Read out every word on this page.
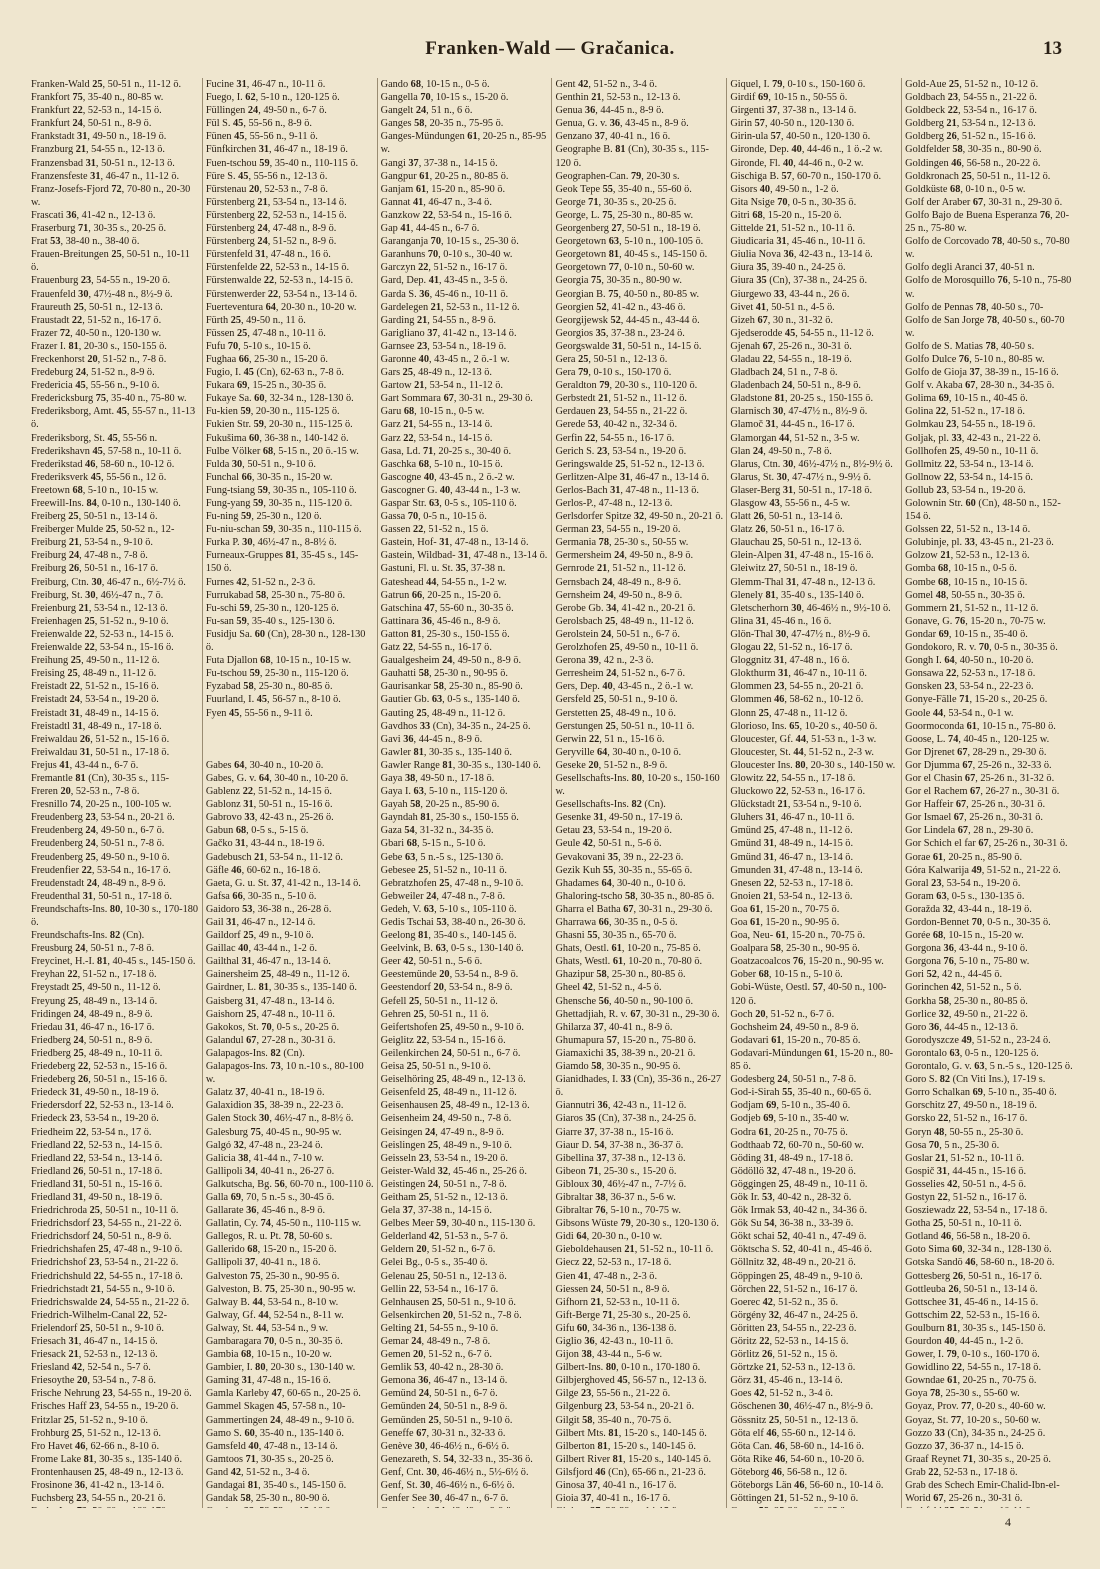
Franken-Wald — Gračanica.	13
Franken-Wald 25, 50-51 n., 11-12 ö.
Frankfort 75, 35-40 n., 80-85 w.
Frankfurt 22, 52-53 n., 14-15 ö.
Frankfurt 24, 50-51 n., 8-9 ö.
Frankstadt 31, 49-50 n., 18-19 ö.
Franzburg 21, 54-55 n., 12-13 ö.
Franzensbad 31, 50-51 n., 12-13 ö.
Franzensfeste 31, 46-47 n., 11-12 ö.
Franz-Josefs-Fjord 72, 70-80 n., 20-30 w.
Frascati 36, 41-42 n., 12-13 ö.
Fraserburg 71, 30-35 s., 20-25 ö.
Frat 53, 38-40 n., 38-40 ö.
Frauen-Breitungen 25, 50-51 n., 10-11 ö.
Frauenburg 23, 54-55 n., 19-20 ö.
Frauenfeld 30, 47½-48 n., 8½-9 ö.
Fraureuth 25, 50-51 n., 12-13 ö.
Fraustadt 22, 51-52 n., 16-17 ö.
Frazer 72, 40-50 n., 120-130 w.
Frazer I. 81, 20-30 s., 150-155 ö.
Freckenhorst 20, 51-52 n., 7-8 ö.
Fredeburg 24, 51-52 n., 8-9 ö.
Fredericia 45, 55-56 n., 9-10 ö.
Fredericksburg 75, 35-40 n., 75-80 w.
Frederiksborg, Amt. 45, 55-57 n., 11-13 ö.
Frederiksborg, St. 45, 55-56 n.
Frederikshavn 45, 57-58 n., 10-11 ö.
Frederikstad 46, 58-60 n., 10-12 ö.
Frederiksverk 45, 55-56 n., 12 ö.
Freetown 68, 5-10 n., 10-15 w.
Freewill-Ins. 84, 0-10 n., 130-140 ö.
Freiberg 25, 50-51 n., 13-14 ö.
Freiberger Mulde 25, 50-52 n., 12-
Freiburg 21, 53-54 n., 9-10 ö.
Freiburg 24, 47-48 n., 7-8 ö.
Freiburg 26, 50-51 n., 16-17 ö.
Freiburg, Ctn. 30, 46-47 n., 6½-7½ ö.
Freiburg, St. 30, 46½-47 n., 7 ö.
Freienburg 21, 53-54 n., 12-13 ö.
Freienhagen 25, 51-52 n., 9-10 ö.
Freienwalde 22, 52-53 n., 14-15 ö.
Freienwalde 22, 53-54 n., 15-16 ö.
Freihung 25, 49-50 n., 11-12 ö.
Freising 25, 48-49 n., 11-12 ö.
Freistadt 22, 51-52 n., 15-16 ö.
Freistadt 24, 53-54 n., 19-20 ö.
Freistadt 31, 48-49 n., 14-15 ö.
Freistadtl 31, 48-49 n., 17-18 ö.
Freiwaldau 26, 51-52 n., 15-16 ö.
Freiwaldau 31, 50-51 n., 17-18 ö.
Frejus 41, 43-44 n., 6-7 ö.
Fremantle 81 (Cn), 30-35 s., 115-
Freren 20, 52-53 n., 7-8 ö.
Fresnillo 74, 20-25 n., 100-105 w.
Freudenberg 23, 53-54 n., 20-21 ö.
Freudenberg 24, 49-50 n., 6-7 ö.
Freudenberg 24, 50-51 n., 7-8 ö.
Freudenberg 25, 49-50 n., 9-10 ö.
Freudenfier 22, 53-54 n., 16-17 ö.
Freudenstadt 24, 48-49 n., 8-9 ö.
Freudenthal 31, 50-51 n., 17-18 ö.
Freundschafts-Ins. 80, 10-30 s., 170-180 ö.
Freundschafts-Ins. 82 (Cn).
Freusburg 24, 50-51 n., 7-8 ö.
Freycinet, H.-I. 81, 40-45 s., 145-150 ö.
Freyhan 22, 51-52 n., 17-18 ö.
Freystadt 25, 49-50 n., 11-12 ö.
Freyung 25, 48-49 n., 13-14 ö.
Fridingen 24, 48-49 n., 8-9 ö.
Friedau 31, 46-47 n., 16-17 ö.
Friedberg 24, 50-51 n., 8-9 ö.
Friedberg 25, 48-49 n., 10-11 ö.
Friedeberg 22, 52-53 n., 15-16 ö.
Friedeberg 26, 50-51 n., 15-16 ö.
Friedeck 31, 49-50 n., 18-19 ö.
Friedersdorf 22, 52-53 n., 13-14 ö.
Friedeck 23, 53-54 n., 19-20 ö.
Friedheim 22, 53-54 n., 17 ö.
Friedland 22, 52-53 n., 14-15 ö.
Friedland 22, 53-54 n., 13-14 ö.
Friedland 26, 50-51 n., 17-18 ö.
Friedland 31, 50-51 n., 15-16 ö.
Friedland 31, 49-50 n., 18-19 ö.
Friedrichroda 25, 50-51 n., 10-11 ö.
Friedrichsdorf 23, 54-55 n., 21-22 ö.
Friedrichsdorf 24, 50-51 n., 8-9 ö.
Friedrichshafen 25, 47-48 n., 9-10 ö.
Friedrichshof 23, 53-54 n., 21-22 ö.
Friedrichshuld 22, 54-55 n., 17-18 ö.
Friedrichstadt 21, 54-55 n., 9-10 ö.
Friedrichswalde 24, 54-55 n., 21-22 ö.
Friedrich-Wilhelm-Canal 22, 52-
Frielendorf 25, 50-51 n., 9-10 ö.
Friesach 31, 46-47 n., 14-15 ö.
Friesack 21, 52-53 n., 12-13 ö.
Friesland 42, 52-54 n., 5-7 ö.
Friesoythe 20, 53-54 n., 7-8 ö.
Frische Nehrung 23, 54-55 n., 19-20 ö.
Frisches Haff 23, 54-55 n., 19-20 ö.
Fritzlar 25, 51-52 n., 9-10 ö.
Frohburg 25, 51-52 n., 12-13 ö.
Fro Havet 46, 62-66 n., 8-10 ö.
Frome Lake 81, 30-35 s., 135-140 ö.
Frontenhausen 25, 48-49 n., 12-13 ö.
Frosinone 36, 41-42 n., 13-14 ö.
Fuchsberg 23, 54-55 n., 20-21 ö.
Fucine 31, 46-47 n., 10-11 ö.
Fuego, I. 62, 5-10 n., 120-125 ö.
Füllingen 24, 49-50 n., 6-7 ö.
Fül S. 45, 55-56 n., 8-9 ö.
Fünen 45, 55-56 n., 9-11 ö.
Fünfkirchen 31, 46-47 n., 18-19 ö.
Fuen-tschou 59, 35-40 n., 110-115 ö.
Füre S. 45, 55-56 n., 12-13 ö.
Fürstenau 20, 52-53 n., 7-8 ö.
Fürstenberg 21, 53-54 n., 13-14 ö.
Fürstenberg 22, 52-53 n., 14-15 ö.
Fürstenberg 24, 47-48 n., 8-9 ö.
Fürstenberg 24, 51-52 n., 8-9 ö.
Fürstenfeld 31, 47-48 n., 16 ö.
Fürstenfelde 22, 52-53 n., 14-15 ö.
Fürstenwalde 22, 52-53 n., 14-15 ö.
Fürstenwerder 22, 53-54 n., 13-14 ö.
Fuerteventura 64, 20-30 n., 10-20 w.
Fürth 25, 49-50 n., 11 ö.
Füssen 25, 47-48 n., 10-11 ö.
Fufu 70, 5-10 s., 10-15 ö.
Fughaa 66, 25-30 n., 15-20 ö.
Fugio, I. 45 (Cn), 62-63 n., 7-8 ö.
Fukara 69, 15-25 n., 30-35 ö.
Fukaye Sa. 60, 32-34 n., 128-130 ö.
Fu-kien 59, 20-30 n., 115-125 ö.
Fukien Str. 59, 20-30 n., 115-125 ö.
Fukušima 60, 36-38 n., 140-142 ö.
Fulbe Völker 68, 5-15 n., 20 ö.-15 w.
Fulda 30, 50-51 n., 9-10 ö.
Funchal 66, 30-35 n., 15-20 w.
Fung-tsiang 59, 30-35 n., 105-110 ö.
Fung-yang 59, 30-35 n., 115-120 ö.
Fu-ning 59, 25-30 n., 120 ö.
Fu-niu-schan 59, 30-35 n., 110-115 ö.
Furka P. 30, 46½-47 n., 8-8½ ö.
Furneaux-Gruppes 81, 35-45 s., 145-150 ö.
Furnes 42, 51-52 n., 2-3 ö.
Furrukabad 58, 25-30 n., 75-80 ö.
Fu-schi 59, 25-30 n., 120-125 ö.
Fu-san 59, 35-40 s., 125-130 ö.
Fusidju Sa. 60 (Cn), 28-30 n., 128-130 ö.
Futa Djallon 68, 10-15 n., 10-15 w.
Fu-tschou 59, 25-30 n., 115-120 ö.
Fyzabad 58, 25-30 n., 80-85 ö.
Fuurland, I. 45, 56-57 n., 8-10 ö.
Fyen 45, 55-56 n., 9-11 ö.

Gabes 64, 30-40 n., 10-20 ö.
Gabes, G. v. 64, 30-40 n., 10-20 ö.
Gablenz 22, 51-52 n., 14-15 ö.
Gablonz 31, 50-51 n., 15-16 ö.
Gabrovo 33, 42-43 n., 25-26 ö.
Gabun 68, 0-5 s., 5-15 ö.
Gačko 31, 43-44 n., 18-19 ö.
Gadebusch 21, 53-54 n., 11-12 ö.
Gäfle 46, 60-62 n., 16-18 ö.
Gaeta, G. u. St. 37, 41-42 n., 13-14 ö.
Gafsa 66, 30-35 n., 5-10 ö.
Gaidoro 53, 36-38 n., 26-28 ö.
Gail 31, 46-47 n., 12-14 ö.
Gaildorf 25, 49 n., 9-10 ö.
Gaillac 40, 43-44 n., 1-2 ö.
Gailthal 31, 46-47 n., 13-14 ö.
Gainersheim 25, 48-49 n., 11-12 ö.
Gairdner, L. 81, 30-35 s., 135-140 ö.
Gaisberg 31, 47-48 n., 13-14 ö.
Gaishorn 25, 47-48 n., 10-11 ö.
Gakokos, St. 70, 0-5 s., 20-25 ö.
Galandul 67, 27-28 n., 30-31 ö.
Galapagos-Ins. 82 (Cn).
Galapagos-Ins. 73, 10 n.-10 s., 80-100 w.
Galatz 37, 40-41 n., 18-19 ö.
Galaxidion 35, 38-39 n., 22-23 ö.
Galen Stock 30, 46½-47 n., 8-8½ ö.
Galesburg 75, 40-45 n., 90-95 w.
Galgó 32, 47-48 n., 23-24 ö.
Galicia 38, 41-44 n., 7-10 w.
Gallipoli 34, 40-41 n., 26-27 ö.
Galkutscha, Bg. 56, 60-70 n., 100-110 ö.
Galla 69, 70, 5 n.-5 s., 30-45 ö.
Gallarate 36, 45-46 n., 8-9 ö.
Gallatin, Cy. 74, 45-50 n., 110-115 w.
Gallegos, R. u. Pt. 78, 50-60 s.
Gallerido 68, 15-20 n., 15-20 ö.
Gallipoli 37, 40-41 n., 18 ö.
Galveston 75, 25-30 n., 90-95 ö.
Galveston, B. 75, 25-30 n., 90-95 w.
Galway B. 44, 53-54 n., 8-10 w.
Galway, Gf. 44, 52-54 n., 8-11 w.
Galway, St. 44, 53-54 n., 9 w.
Gambaragara 70, 0-5 n., 30-35 ö.
Gambia 68, 10-15 n., 10-20 w.
Gambier, I. 80, 20-30 s., 130-140 w.
Gaming 31, 47-48 n., 15-16 ö.
Gamla Karleby 47, 60-65 n., 20-25 ö.
Gammel Skagen 45, 57-58 n., 10-
Gammertingen 24, 48-49 n., 9-10 ö.
Gamo S. 60, 35-40 n., 135-140 ö.
Gamsfeld 40, 47-48 n., 13-14 ö.
Gamtoos 71, 30-35 s., 20-25 ö.
Gand 42, 51-52 n., 3-4 ö.
Gandagai 81, 35-40 s., 145-150 ö.
Gandak 58, 25-30 n., 80-90 ö.
Gando 68, 10-15 n., 0-5 ö.
Gangella 70, 10-15 s., 15-20 ö.
Gangelt 24, 51 n., 6 ö.
Ganges 58, 20-35 n., 75-95 ö.
Ganges-Mündungen 61, 20-25 n., 85-95 w.
Gangi 37, 37-38 n., 14-15 ö.
Gangpur 61, 20-25 n., 80-85 ö.
Ganjam 61, 15-20 n., 85-90 ö.
Gannat 41, 46-47 n., 3-4 ö.
Ganzkow 22, 53-54 n., 15-16 ö.
Gap 41, 44-45 n., 6-7 ö.
Garanganja 70, 10-15 s., 25-30 ö.
Garanhuns 70, 0-10 s., 30-40 w.
Garczyn 22, 51-52 n., 16-17 ö.
Gard, Dep. 41, 43-45 n., 3-5 ö.
Garda S. 36, 45-46 n., 10-11 ö.
Gardelegen 21, 52-53 n., 11-12 ö.
Garding 21, 54-55 n., 8-9 ö.
Garigliano 37, 41-42 n., 13-14 ö.
Garnsee 23, 53-54 n., 18-19 ö.
Garonne 40, 43-45 n., 2 ö.-1 w.
Gars 25, 48-49 n., 12-13 ö.
Gartow 21, 53-54 n., 11-12 ö.
Gart Sommara 67, 30-31 n., 29-30 ö.
Garu 68, 10-15 n., 0-5 w.
Garz 21, 54-55 n., 13-14 ö.
Garz 22, 53-54 n., 14-15 ö.
Gasa, Ld. 71, 20-25 s., 30-40 ö.
Gaschka 68, 5-10 n., 10-15 ö.
Gascogne 40, 43-45 n., 2 ö.-2 w.
Gascogner G. 40, 43-44 n., 1-3 w.
Gaspar Str. 63, 0-5 s., 105-110 ö.
Gassa 70, 0-5 n., 10-15 ö.
Gassen 22, 51-52 n., 15 ö.
Gastein, Hof- 31, 47-48 n., 13-14 ö.
Gastein, Wildbad- 31, 47-48 n., 13-14 ö.
Gastuni, Fl. u. St. 35, 37-38 n.
Gateshead 44, 54-55 n., 1-2 w.
Gatrun 66, 20-25 n., 15-20 ö.
Gatschina 47, 55-60 n., 30-35 ö.
Gattinara 36, 45-46 n., 8-9 ö.
Gatton 81, 25-30 s., 150-155 ö.
Gatz 22, 54-55 n., 16-17 ö.
Gaualgesheim 24, 49-50 n., 8-9 ö.
Gauhatti 58, 25-30 n., 90-95 ö.
Gaurisankar 58, 25-30 n., 85-90 ö.
Gautier Gb. 63, 0-5 s., 135-140 ö.
Gauting 25, 48-49 n., 11-12 ö.
Gavdhos 33 (Cn), 34-35 n., 24-25 ö.
Gavi 36, 44-45 n., 8-9 ö.
Gawler 81, 30-35 s., 135-140 ö.
Gawler Range 81, 30-35 s., 130-140 ö.
Gaya 38, 49-50 n., 17-18 ö.
Gaya I. 63, 5-10 n., 115-120 ö.
Gayah 58, 20-25 n., 85-90 ö.
Gayndah 81, 25-30 s., 150-155 ö.
Gaza 54, 31-32 n., 34-35 ö.
Gbari 68, 5-15 n., 5-10 ö.
Gebe 63, 5 n.-5 s., 125-130 ö.
Gebesee 25, 51-52 n., 10-11 ö.
Gebratzhofen 25, 47-48 n., 9-10 ö.
Gebweiler 24, 47-48 n., 7-8 ö.
Gedeh, V. 63, 5-10 s., 105-110 ö.
Gedis Tschai 53, 38-40 n., 26-30 ö.
Geelong 81, 35-40 s., 140-145 ö.
Geelvink, B. 63, 0-5 s., 130-140 ö.
Geer 42, 50-51 n., 5-6 ö.
Geestemünde 20, 53-54 n., 8-9 ö.
Geestendorf 20, 53-54 n., 8-9 ö.
Gefell 25, 50-51 n., 11-12 ö.
Gehren 25, 50-51 n., 11 ö.
Geifertshofen 25, 49-50 n., 9-10 ö.
Geiglitz 22, 53-54 n., 15-16 ö.
Geilenkirchen 24, 50-51 n., 6-7 ö.
Geisa 25, 50-51 n., 9-10 ö.
Geiselhöring 25, 48-49 n., 12-13 ö.
Geisenfeld 25, 48-49 n., 11-12 ö.
Geisenhausen 25, 48-49 n., 12-13 ö.
Geisenheim 24, 49-50 n., 7-8 ö.
Geisingen 24, 47-49 n., 8-9 ö.
Geislingen 25, 48-49 n., 9-10 ö.
Geisseln 23, 53-54 n., 19-20 ö.
Geister-Wald 32, 45-46 n., 25-26 ö.
Geistingen 24, 50-51 n., 7-8 ö.
Geitham 25, 51-52 n., 12-13 ö.
Gela 37, 37-38 n., 14-15 ö.
Gelbes Meer 59, 30-40 n., 115-130 ö.
Gelderland 42, 51-53 n., 5-7 ö.
Geldern 20, 51-52 n., 6-7 ö.
Gelei Bg., 0-5 s., 35-40 ö.
Gelenau 25, 50-51 n., 12-13 ö.
Gellin 22, 53-54 n., 16-17 ö.
Gelnhausen 25, 50-51 n., 9-10 ö.
Gelsenkirchen 20, 51-52 n., 7-8 ö.
Gelting 21, 54-55 n., 9-10 ö.
Gemar 24, 48-49 n., 7-8 ö.
Gemen 20, 51-52 n., 6-7 ö.
Gemlik 53, 40-42 n., 28-30 ö.
Gemona 36, 46-47 n., 13-14 ö.
Gemünd 24, 50-51 n., 6-7 ö.
Gemünden 24, 50-51 n., 8-9 ö.
Gemünden 25, 50-51 n., 9-10 ö.
Geneffe 67, 30-31 n., 32-33 ö.
Genève 30, 46-46½ n., 6-6½ ö.
Genezareth, S. 54, 32-33 n., 35-36 ö.
Genf, Cnt. 30, 46-46½ n., 5½-6½ ö.
Genf, St. 30, 46-46½ n., 6-6½ ö.
Genfer See 30, 46-47 n., 6-7 ö.
Gent 42, 51-52 n., 3-4 ö.
Genthin 21, 52-53 n., 12-13 ö.
Genua 36, 44-45 n., 8-9 ö.
Genua, G. v. 36, 43-45 n., 8-9 ö.
Genzano 37, 40-41 n., 16 ö.
Geographe B. 81 (Cn), 30-35 s., 115-120 ö.
Geographen-Can. 79, 20-30 s.
Geok Tepe 55, 35-40 n., 55-60 ö.
George 71, 30-35 s., 20-25 ö.
George, L. 75, 25-30 n., 80-85 w.
Georgenberg 27, 50-51 n., 18-19 ö.
Georgetown 63, 5-10 n., 100-105 ö.
Georgetown 81, 40-45 s., 145-150 ö.
Georgetown 77, 0-10 n., 50-60 w.
Georgia 75, 30-35 n., 80-90 w.
Georgian B. 75, 40-50 n., 80-85 w.
Georgien 52, 41-42 n., 43-46 ö.
Georgijewsk 52, 44-45 n., 43-44 ö.
Georgios 35, 37-38 n., 23-24 ö.
Georgswalde 31, 50-51 n., 14-15 ö.
Gera 25, 50-51 n., 12-13 ö.
Gera 79, 0-10 s., 150-170 ö.
Geraldton 79, 20-30 s., 110-120 ö.
Gerbstedt 21, 51-52 n., 11-12 ö.
Gerdauen 23, 54-55 n., 21-22 ö.
Gerede 53, 40-42 n., 32-34 ö.
Gerfin 22, 54-55 n., 16-17 ö.
Gerich S. 23, 53-54 n., 19-20 ö.
Geringswalde 25, 51-52 n., 12-13 ö.
Gerlitzen-Alpe 31, 46-47 n., 13-14 ö.
Gerlos-Bach 31, 47-48 n., 11-13 ö.
Gerlos-P., 47-48 n., 12-13 ö.
Gerlsdorfer Spitze 32, 49-50 n., 20-21 ö.
German 23, 54-55 n., 19-20 ö.
Germania 78, 25-30 s., 50-55 w.
Germersheim 24, 49-50 n., 8-9 ö.
Gernrode 21, 51-52 n., 11-12 ö.
Gernsbach 24, 48-49 n., 8-9 ö.
Gernsheim 24, 49-50 n., 8-9 ö.
Gerobe Gb. 34, 41-42 n., 20-21 ö.
Gerolsbach 25, 48-49 n., 11-12 ö.
Gerolstein 24, 50-51 n., 6-7 ö.
Gerolzhofen 25, 49-50 n., 10-11 ö.
Gerona 39, 42 n., 2-3 ö.
Gerresheim 24, 51-52 n., 6-7 ö.
Gers, Dep. 40, 43-45 n., 2 ö.-1 w.
Gersfeld 25, 50-51 n., 9-10 ö.
Gerstetten 25, 48-49 n., 10 ö.
Gerstungen 25, 50-51 n., 10-11 ö.
Gerwin 22, 51 n., 15-16 ö.
Geryville 64, 30-40 n., 0-10 ö.
Geseke 20, 51-52 n., 8-9 ö.
Gesellschafts-Ins. 80, 10-20 s., 150-160 w.
Gesellschafts-Ins. 82 (Cn).
Gesenke 31, 49-50 n., 17-19 ö.
Getau 23, 53-54 n., 19-20 ö.
Geule 42, 50-51 n., 5-6 ö.
Gevakovani 35, 39 n., 22-23 ö.
Gezik Kuh 55, 30-35 n., 55-65 ö.
Ghadames 64, 30-40 n., 0-10 ö.
Ghaloring-tscho 58, 30-35 n., 80-85 ö.
Gharra el Batha 67, 30-31 n., 29-30 ö.
Gharrawa 66, 30-35 n., 0-5 ö.
Ghasni 55, 30-35 n., 65-70 ö.
Ghats, Oestl. 61, 10-20 n., 75-85 ö.
Ghats, Westl. 61, 10-20 n., 70-80 ö.
Ghazipur 58, 25-30 n., 80-85 ö.
Gheel 42, 51-52 n., 4-5 ö.
Ghensche 56, 40-50 n., 90-100 ö.
Ghettadjiah, R. v. 67, 30-31 n., 29-30 ö.
Ghilarza 37, 40-41 n., 8-9 ö.
Ghumapura 57, 15-20 n., 75-80 ö.
Giamaxichi 35, 38-39 n., 20-21 ö.
Giamdo 58, 30-35 n., 90-95 ö.
Gianidhades, I. 33 (Cn), 35-36 n., 26-27 ö.
Giannutri 36, 42-43 n., 11-12 ö.
Giaros 35 (Cn), 37-38 n., 24-25 ö.
Giarre 37, 37-38 n., 15-16 ö.
Giaur D. 54, 37-38 n., 36-37 ö.
Gibellina 37, 37-38 n., 12-13 ö.
Gibeon 71, 25-30 s., 15-20 ö.
Gibloux 30, 46½-47 n., 7-7½ ö.
Gibraltar 38, 36-37 n., 5-6 w.
Gibraltar 76, 5-10 n., 70-75 w.
Gibsons Wüste 79, 20-30 s., 120-130 ö.
Gidi 64, 20-30 n., 0-10 w.
Gieboldehausen 21, 51-52 n., 10-11 ö.
Giecz 22, 52-53 n., 17-18 ö.
Gien 41, 47-48 n., 2-3 ö.
Giessen 24, 50-51 n., 8-9 ö.
Gifhorn 21, 52-53 n., 10-11 ö.
Gift-Berge 71, 25-30 s., 20-25 ö.
Gifu 60, 34-36 n., 136-138 ö.
Giglio 36, 42-43 n., 10-11 ö.
Gijon 38, 43-44 n., 5-6 w.
Gilbert-Ins. 80, 0-10 n., 170-180 ö.
Gilbjerghoved 45, 56-57 n., 12-13 ö.
Gilge 23, 55-56 n., 21-22 ö.
Gilgenburg 23, 53-54 n., 20-21 ö.
Gilgit 58, 35-40 n., 70-75 ö.
Gilbert Mts. 81, 15-20 s., 140-145 ö.
Gilberton 81, 15-20 s., 140-145 ö.
Gilbert River 81, 15-20 s., 140-145 ö.
Gilsfjord 46 (Cn), 65-66 n., 21-23 ö.
Ginosa 37, 40-41 n., 16-17 ö.
Gioia 37, 40-41 n., 16-17 ö.
Giquel, I. 79, 0-10 s., 150-160 ö.
Girdif 69, 10-15 n., 50-55 ö.
Girgenti 37, 37-38 n., 13-14 ö.
Girin 57, 40-50 n., 120-130 ö.
Girin-ula 57, 40-50 n., 120-130 ö.
Gironde, Dep. 40, 44-46 n., 1 ö.-2 w.
Gironde, Fl. 40, 44-46 n., 0-2 w.
Gischiga B. 57, 60-70 n., 150-170 ö.
Gisors 40, 49-50 n., 1-2 ö.
Gita Nsige 70, 0-5 n., 30-35 ö.
Gitri 68, 15-20 n., 15-20 ö.
Gittelde 21, 51-52 n., 10-11 ö.
Giudicaria 31, 45-46 n., 10-11 ö.
Giulia Nova 36, 42-43 n., 13-14 ö.
Giura 35, 39-40 n., 24-25 ö.
Giura 35 (Cn), 37-38 n., 24-25 ö.
Giurgewo 33, 43-44 n., 26 ö.
Givet 41, 50-51 n., 4-5 ö.
Gizeh 67, 30 n., 31-32 ö.
Gjedserodde 45, 54-55 n., 11-12 ö.
Gjenah 67, 25-26 n., 30-31 ö.
Gladau 22, 54-55 n., 18-19 ö.
Gladbach 24, 51 n., 7-8 ö.
Gladenbach 24, 50-51 n., 8-9 ö.
Gladstone 81, 20-25 s., 150-155 ö.
Glarnisch 30, 47-47½ n., 8½-9 ö.
Glamoč 31, 44-45 n., 16-17 ö.
Glamorgan 44, 51-52 n., 3-5 w.
Glan 24, 49-50 n., 7-8 ö.
Glarus, Ctn. 30, 46½-47½ n., 8½-9½ ö.
Glarus, St. 30, 47-47½ n., 9-9½ ö.
Glaser-Berg 31, 50-51 n., 17-18 ö.
Glasgow 43, 55-56 n., 4-5 w.
Glatt 26, 50-51 n., 13-14 ö.
Glatz 26, 50-51 n., 16-17 ö.
Glauchau 25, 50-51 n., 12-13 ö.
Glein-Alpen 31, 47-48 n., 15-16 ö.
Gleiwitz 27, 50-51 n., 18-19 ö.
Glemm-Thal 31, 47-48 n., 12-13 ö.
Glenely 81, 35-40 s., 135-140 ö.
Gletscherhorn 30, 46-46½ n., 9½-10 ö.
Glina 31, 45-46 n., 16 ö.
Glön-Thal 30, 47-47½ n., 8½-9 ö.
Glogau 22, 51-52 n., 16-17 ö.
Gloggnitz 31, 47-48 n., 16 ö.
Glokthurm 31, 46-47 n., 10-11 ö.
Glommen 23, 54-55 n., 20-21 ö.
Glommen 46, 58-62 n., 10-12 ö.
Glonn 25, 47-48 n., 11-12 ö.
Glorioso, Ins. 65, 10-20 s., 40-50 ö.
Gloucester, Gf. 44, 51-53 n., 1-3 w.
Gloucester, St. 44, 51-52 n., 2-3 w.
Gloucester Ins. 80, 20-30 s., 140-150 w.
Glowitz 22, 54-55 n., 17-18 ö.
Gluckowo 22, 52-53 n., 16-17 ö.
Glückstadt 21, 53-54 n., 9-10 ö.
Gluhers 31, 46-47 n., 10-11 ö.
Gmünd 25, 47-48 n., 11-12 ö.
Gmünd 31, 48-49 n., 14-15 ö.
Gmünd 31, 46-47 n., 13-14 ö.
Gmunden 31, 47-48 n., 13-14 ö.
Gnesen 22, 52-53 n., 17-18 ö.
Gnoien 21, 53-54 n., 12-13 ö.
Goa 61, 15-20 n., 70-75 ö.
Goa 61, 15-20 n., 90-95 ö.
Goa, Neu- 61, 15-20 n., 70-75 ö.
Goalpara 58, 25-30 n., 90-95 ö.
Goatzacoalcos 76, 15-20 n., 90-95 w.
Gober 68, 10-15 n., 5-10 ö.
Gobi-Wüste, Oestl. 57, 40-50 n., 100-120 ö.
Goch 20, 51-52 n., 6-7 ö.
Gochsheim 24, 49-50 n., 8-9 ö.
Godavari 61, 15-20 n., 70-85 ö.
Godavari-Mündungen 61, 15-20 n., 80-85 ö.
Godesberg 24, 50-51 n., 7-8 ö.
God-i-Sirah 55, 35-40 n., 60-65 ö.
Godjam 69, 5-10 n., 35-40 ö.
Godjeb 69, 5-10 n., 35-40 w.
Godra 61, 20-25 n., 70-75 ö.
Godthaab 72, 60-70 n., 50-60 w.
Göding 31, 48-49 n., 17-18 ö.
Gödöllö 32, 47-48 n., 19-20 ö.
Göggingen 25, 48-49 n., 10-11 ö.
Gök Ir. 53, 40-42 n., 28-32 ö.
Gök Irmak 53, 40-42 n., 34-36 ö.
Gök Su 54, 36-38 n., 33-39 ö.
Gökt schai 52, 40-41 n., 47-49 ö.
Göktscha S. 52, 40-41 n., 45-46 ö.
Göllnitz 32, 48-49 n., 20-21 ö.
Göppingen 25, 48-49 n., 9-10 ö.
Görchen 22, 51-52 n., 16-17 ö.
Goerec 42, 51-52 n., 35 ö.
Görgény 32, 46-47 n., 24-25 ö.
Göritten 23, 54-55 n., 22-23 ö.
Göritz 22, 52-53 n., 14-15 ö.
Görlitz 26, 51-52 n., 15 ö.
Görtzke 21, 52-53 n., 12-13 ö.
Görz 31, 45-46 n., 13-14 ö.
Goes 42, 51-52 n., 3-4 ö.
Göschenen 30, 46½-47 n., 8½-9 ö.
Gössnitz 25, 50-51 n., 12-13 ö.
Göta elf 46, 55-60 n., 12-14 ö.
Göta Can. 46, 58-60 n., 14-16 ö.
Göta Rike 46, 54-60 n., 10-20 ö.
Göteborg 46, 56-58 n., 12 ö.
Göteborgs Län 46, 56-60 n., 10-14 ö.
Göttingen 21, 51-52 n., 9-10 ö.
Gold-Aue 25, 51-52 n., 10-12 ö.
Goldbach 23, 54-55 n., 21-22 ö.
Goldbeck 22, 53-54 n., 16-17 ö.
Goldberg 21, 53-54 n., 12-13 ö.
Goldberg 26, 51-52 n., 15-16 ö.
Goldfelder 58, 30-35 n., 80-90 ö.
Goldingen 46, 56-58 n., 20-22 ö.
Goldkronach 25, 50-51 n., 11-12 ö.
Goldküste 68, 0-10 n., 0-5 w.
Golf der Araber 67, 30-31 n., 29-30 ö.
Golfo Bajo de Buena Esperanza 76, 20-25 n., 75-80 w.
Golfo de Corcovado 78, 40-50 s., 70-80 w.
Golfo degli Aranci 37, 40-51 n.
Golfo de Morosquillo 76, 5-10 n., 75-80 w.
Golfo de Pennas 78, 40-50 s., 70-
Golfo de San Jorge 78, 40-50 s., 60-70 w.
Golfo de S. Matias 78, 40-50 s.
Golfo Dulce 76, 5-10 n., 80-85 w.
Golfo de Gioja 37, 38-39 n., 15-16 ö.
Golf v. Akaba 67, 28-30 n., 34-35 ö.
Golima 69, 10-15 n., 40-45 ö.
Golina 22, 51-52 n., 17-18 ö.
Golmkau 23, 54-55 n., 18-19 ö.
Goljak, pl. 33, 42-43 n., 21-22 ö.
Gollhofen 25, 49-50 n., 10-11 ö.
Gollmitz 22, 53-54 n., 13-14 ö.
Gollnow 22, 53-54 n., 14-15 ö.
Gollub 23, 53-54 n., 19-20 ö.
Golownin Str. 60 (Cn), 48-50 n., 152-154 ö.
Golssen 22, 51-52 n., 13-14 ö.
Golubinje, pl. 33, 43-45 n., 21-23 ö.
Golzow 21, 52-53 n., 12-13 ö.
Gomba 68, 10-15 n., 0-5 ö.
Gombe 68, 10-15 n., 10-15 ö.
Gomel 48, 50-55 n., 30-35 ö.
Gommern 21, 51-52 n., 11-12 ö.
Gonave, G. 76, 15-20 n., 70-75 w.
Gondar 69, 10-15 n., 35-40 ö.
Gondokoro, R. v. 70, 0-5 n., 30-35 ö.
Gongh I. 64, 40-50 n., 10-20 ö.
Gonsawa 22, 52-53 n., 17-18 ö.
Gonsken 23, 53-54 n., 22-23 ö.
Gonye-Fälle 71, 15-20 s., 20-25 ö.
Goole 44, 53-54 n., 0-1 w.
Goormoconda 61, 10-15 n., 75-80 ö.
Goose, L. 74, 40-45 n., 120-125 w.
Gor Djrenet 67, 28-29 n., 29-30 ö.
Gor Djumma 67, 25-26 n., 32-33 ö.
Gor el Chasin 67, 25-26 n., 31-32 ö.
Gor el Rachem 67, 26-27 n., 30-31 ö.
Gor Haffeir 67, 25-26 n., 30-31 ö.
Gor Ismael 67, 25-26 n., 30-31 ö.
Gor Lindela 67, 28 n., 29-30 ö.
Gor Schich el far 67, 25-26 n., 30-31 ö.
Gorae 61, 20-25 n., 85-90 ö.
Góra Kalwarija 49, 51-52 n., 21-22 ö.
Goral 23, 53-54 n., 19-20 ö.
Goram 63, 0-5 s., 130-135 ö.
Goražda 32, 43-44 n., 18-19 ö.
Gordon-Bennet 70, 0-5 n., 30-35 ö.
Gorée 68, 10-15 n., 15-20 w.
Gorgona 36, 43-44 n., 9-10 ö.
Gorgona 76, 5-10 n., 75-80 w.
Gori 52, 42 n., 44-45 ö.
Gorinchen 42, 51-52 n., 5 ö.
Gorkha 58, 25-30 n., 80-85 ö.
Gorlice 32, 49-50 n., 21-22 ö.
Goro 36, 44-45 n., 12-13 ö.
Gorodyszcze 49, 51-52 n., 23-24 ö.
Gorontalo 63, 0-5 n., 120-125 ö.
Gorontalo, G. v. 63, 5 n.-5 s., 120-125 ö.
Goro S. 82 (Cn Viti Ins.), 17-19 s.
Gorro Schalkan 69, 5-10 n., 35-40 ö.
Gorschitz 27, 49-50 n., 18-19 ö.
Gorsko 22, 51-52 n., 16-17 ö.
Goryn 48, 50-55 n., 25-30 ö.
Gosa 70, 5 n., 25-30 ö.
Goslar 21, 51-52 n., 10-11 ö.
Gospič 31, 44-45 n., 15-16 ö.
Gosselies 42, 50-51 n., 4-5 ö.
Gostyn 22, 51-52 n., 16-17 ö.
Gosziewadz 22, 53-54 n., 17-18 ö.
Gotha 25, 50-51 n., 10-11 ö.
Gotland 46, 56-58 n., 18-20 ö.
Goto Sima 60, 32-34 n., 128-130 ö.
Gotska Sandö 46, 58-60 n., 18-20 ö.
Gottesberg 26, 50-51 n., 16-17 ö.
Gottleuba 26, 50-51 n., 13-14 ö.
Gottschee 31, 45-46 n., 14-15 ö.
Gottschim 22, 52-53 n., 15-16 ö.
Goulburn 81, 30-35 s., 145-150 ö.
Gourdon 40, 44-45 n., 1-2 ö.
Gower, I. 79, 0-10 s., 160-170 ö.
Gowidlino 22, 54-55 n., 17-18 ö.
Gowndae 61, 20-25 n., 70-75 ö.
Goya 78, 25-30 s., 55-60 w.
Goyaz, Prov. 77, 0-20 s., 40-60 w.
Goyaz, St. 77, 10-20 s., 50-60 w.
Gozzo 33 (Cn), 34-35 n., 24-25 ö.
Gozzo 37, 36-37 n., 14-15 ö.
Graaf Reynet 71, 30-35 s., 20-25 ö.
Grab 22, 52-53 n., 17-18 ö.
Grab des Schech Emir-Chalid-Ibn-el-Worid 67, 25-26 n., 30-31 ö.
4
